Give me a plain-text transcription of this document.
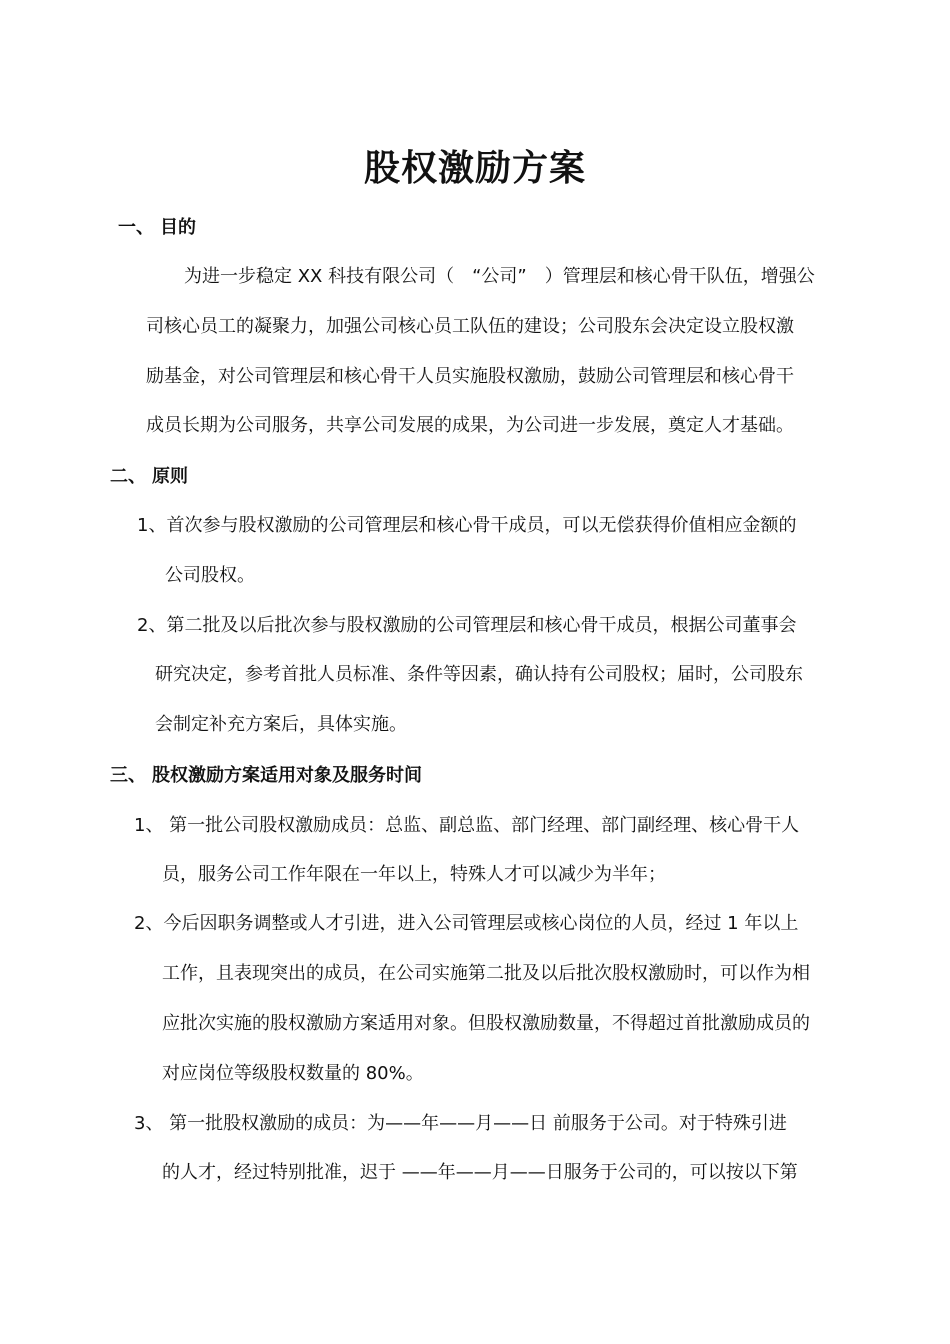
股权激励方案
一、 目的
为进一步稳定 XX 科技有限公司（　“公司”　）管理层和核心骨干队伍，增强公
司核心员工的凝聚力，加强公司核心员工队伍的建设；公司股东会决定设立股权激
励基金，对公司管理层和核心骨干人员实施股权激励，鼓励公司管理层和核心骨干
成员长期为公司服务，共享公司发展的成果，为公司进一步发展，奠定人才基础。
二、 原则
1、首次参与股权激励的公司管理层和核心骨干成员，可以无偿获得价值相应金额的
公司股权。
2、第二批及以后批次参与股权激励的公司管理层和核心骨干成员，根据公司董事会
研究决定，参考首批人员标准、条件等因素，确认持有公司股权；届时，公司股东
会制定补充方案后，具体实施。
三、 股权激励方案适用对象及服务时间
1、 第一批公司股权激励成员：总监、副总监、部门经理、部门副经理、核心骨干人
员，服务公司工作年限在一年以上，特殊人才可以减少为半年；
2、今后因职务调整或人才引进，进入公司管理层或核心岗位的人员，经过 1 年以上
工作，且表现突出的成员，在公司实施第二批及以后批次股权激励时，可以作为相
应批次实施的股权激励方案适用对象。但股权激励数量，不得超过首批激励成员的
对应岗位等级股权数量的 80%。
3、 第一批股权激励的成员：为——年——月——日 前服务于公司。对于特殊引进
的人才，经过特别批准，迟于 ——年——月——日服务于公司的，可以按以下第
